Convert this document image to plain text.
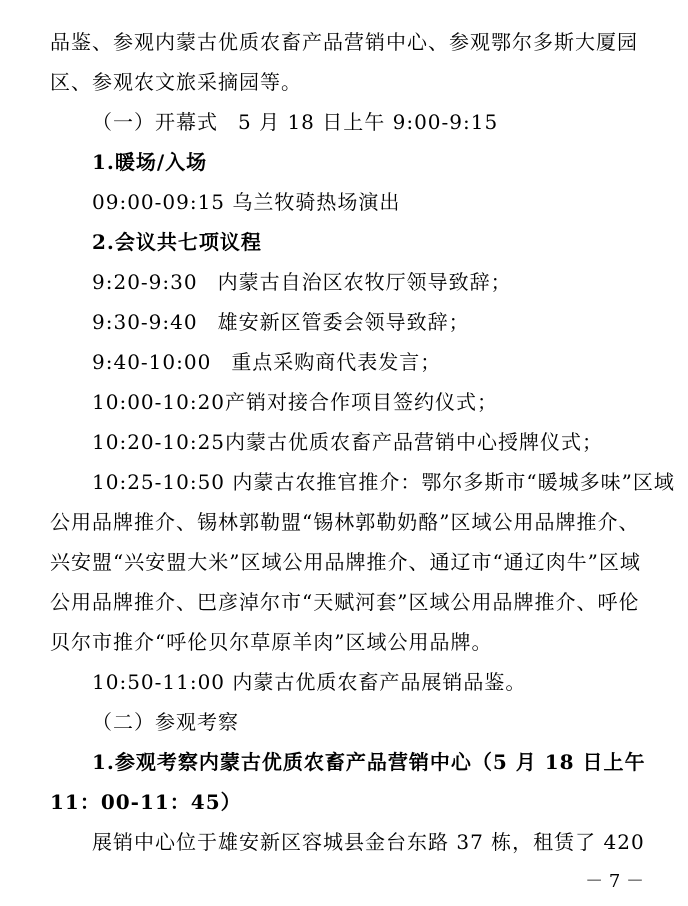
品鉴、参观内蒙古优质农畜产品营销中心、参观鄂尔多斯大厦园
区、参观农文旅采摘园等。
（一）开幕式 5 月 18 日上午 9:00-9:15
1.暖场/入场
09:00-09:15 乌兰牧骑热场演出
2.会议共七项议程
9:20-9:30 内蒙古自治区农牧厅领导致辞；
9:30-9:40 雄安新区管委会领导致辞；
9:40-10:00 重点采购商代表发言；
10:00-10:20产销对接合作项目签约仪式；
10:20-10:25内蒙古优质农畜产品营销中心授牌仪式；
10:25-10:50 内蒙古农推官推介：鄂尔多斯市“暖城多味”区域
公用品牌推介、锡林郭勒盟“锡林郭勒奶酪”区域公用品牌推介、
兴安盟“兴安盟大米”区域公用品牌推介、通辽市“通辽肉牛”区域
公用品牌推介、巴彦淖尔市“天赋河套”区域公用品牌推介、呼伦
贝尔市推介“呼伦贝尔草原羊肉”区域公用品牌。
10:50-11:00 内蒙古优质农畜产品展销品鉴。
（二）参观考察
1.参观考察内蒙古优质农畜产品营销中心（5 月 18 日上午
11：00-11：45）
展销中心位于雄安新区容城县金台东路 37 栋，租赁了 420
－ 7 －
